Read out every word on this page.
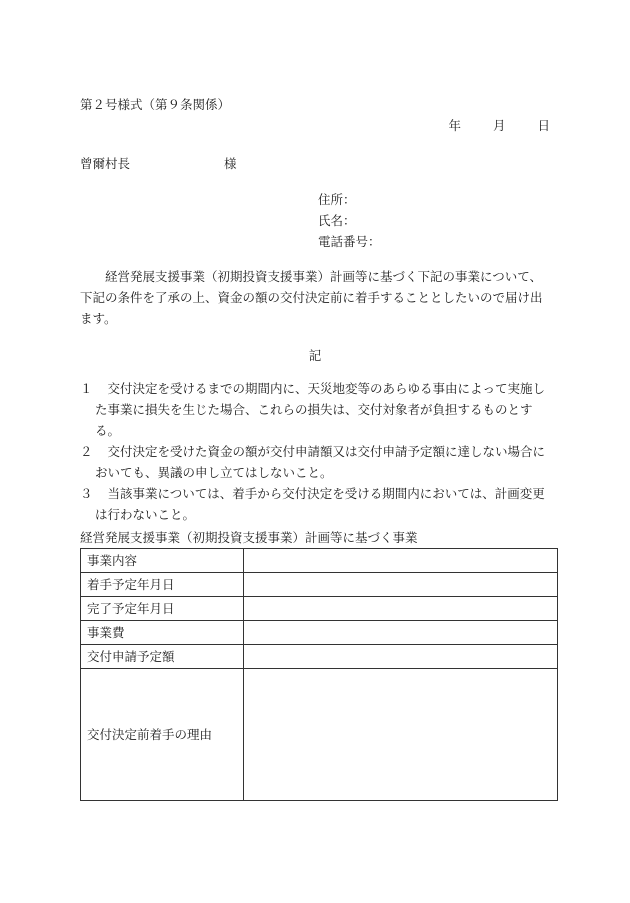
第２号様式（第９条関係）
年	月	日
曾爾村長	様
住所：
氏名：
電話番号：
経営発展支援事業（初期投資支援事業）計画等に基づく下記の事業について、下記の条件を了承の上、資金の額の交付決定前に着手することとしたいので届け出ます。
記
１ 交付決定を受けるまでの期間内に、天災地変等のあらゆる事由によって実施した事業に損失を生じた場合、これらの損失は、交付対象者が負担するものとする。
２ 交付決定を受けた資金の額が交付申請額又は交付申請予定額に達しない場合においても、異議の申し立てはしないこと。
３ 当該事業については、着手から交付決定を受ける期間内においては、計画変更は行わないこと。
経営発展支援事業（初期投資支援事業）計画等に基づく事業
事業内容	
着手予定年月日	
完了予定年月日	
事業費	
交付申請予定額	
交付決定前着手の理由	
